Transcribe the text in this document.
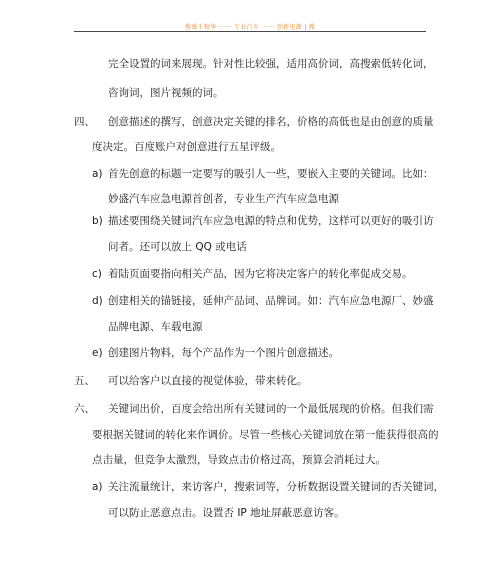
搜盛千物华 ······ 专业汽车 ······ 创新电源 | 搜
完全设置的词来展现。针对性比较强，适用高价词，高搜索低转化词，
咨询词，图片视频的词。
四、 创意描述的撰写，创意决定关键的排名，价格的高低也是由创意的质量
度决定。百度账户对创意进行五星评级。
a) 首先创意的标题一定要写的吸引人一些，要嵌入主要的关键词。比如：
妙盛汽车应急电源首创者，专业生产汽车应急电源
b) 描述要围绕关键词汽车应急电源的特点和优势，这样可以更好的吸引访
问者。还可以放上 QQ 或电话
c) 着陆页面要指向相关产品，因为它将决定客户的转化率促成交易。
d) 创建相关的锚链接，延伸产品词、品牌词。如：汽车应急电源厂、妙盛
品牌电源、车载电源
e) 创建图片物料，每个产品作为一个图片创意描述。
五、 可以给客户以直接的视觉体验，带来转化。
六、 关键词出价，百度会给出所有关键词的一个最低展现的价格。但我们需
要根据关键词的转化来作调价。尽管一些核心关键词放在第一能获得很高的
点击量，但竞争太激烈，导致点击价格过高，预算会消耗过大。
a) 关注流量统计，来访客户，搜索词等，分析数据设置关键词的否关键词，
可以防止恶意点击。设置否 IP 地址屏蔽恶意访客。
